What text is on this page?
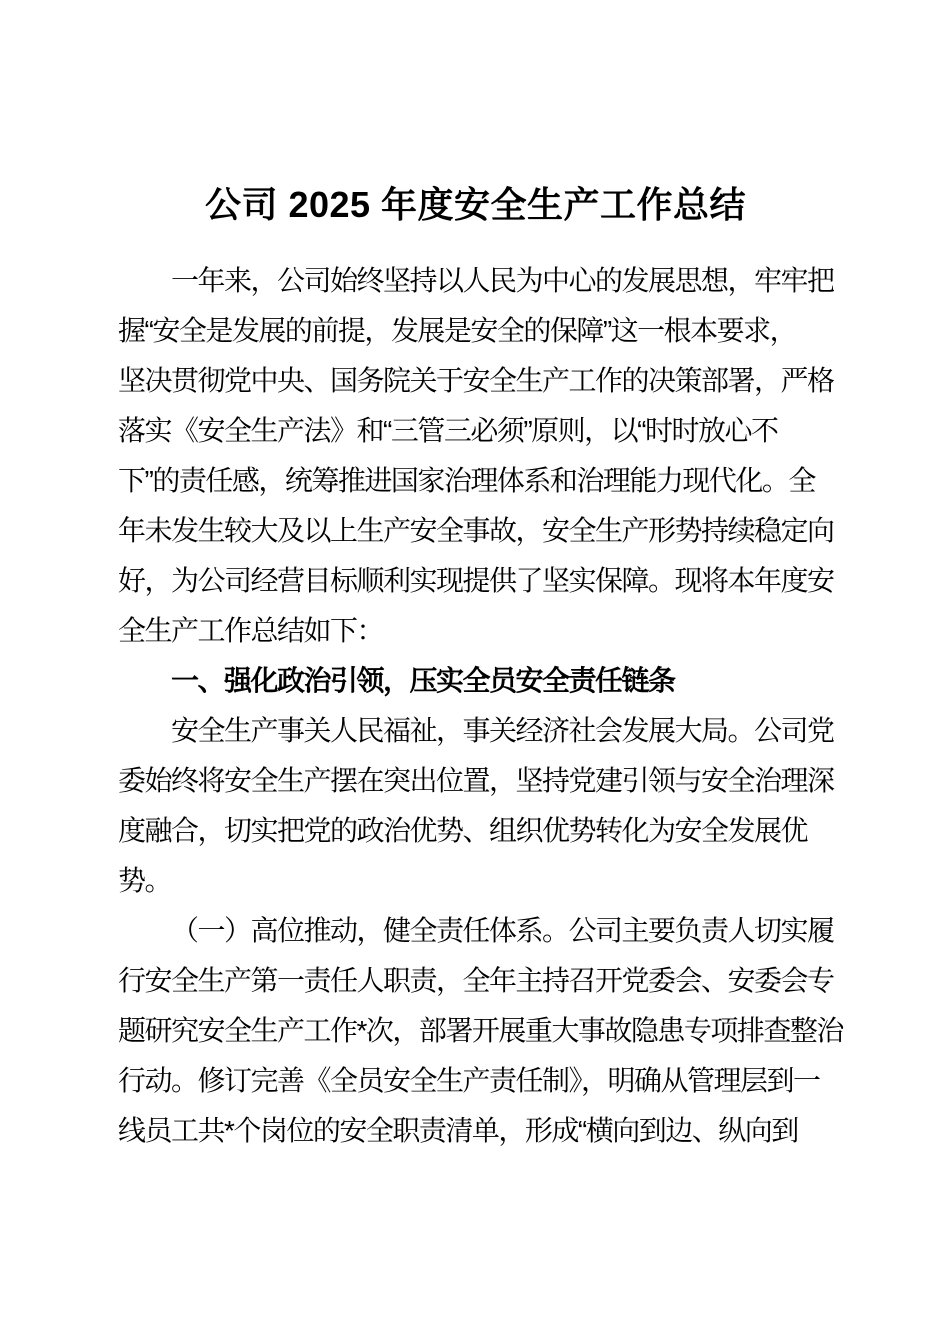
公司 2025 年度安全生产工作总结
一年来，公司始终坚持以人民为中心的发展思想，牢牢把
握“安全是发展的前提，发展是安全的保障”这一根本要求，
坚决贯彻党中央、国务院关于安全生产工作的决策部署，严格
落实《安全生产法》和“三管三必须”原则，以“时时放心不
下”的责任感，统筹推进国家治理体系和治理能力现代化。全
年未发生较大及以上生产安全事故，安全生产形势持续稳定向
好，为公司经营目标顺利实现提供了坚实保障。现将本年度安
全生产工作总结如下：
一、强化政治引领，压实全员安全责任链条
安全生产事关人民福祉，事关经济社会发展大局。公司党
委始终将安全生产摆在突出位置，坚持党建引领与安全治理深
度融合，切实把党的政治优势、组织优势转化为安全发展优
势。
（一）高位推动，健全责任体系。公司主要负责人切实履
行安全生产第一责任人职责，全年主持召开党委会、安委会专
题研究安全生产工作*次，部署开展重大事故隐患专项排查整治
行动。修订完善《全员安全生产责任制》，明确从管理层到一
线员工共*个岗位的安全职责清单，形成“横向到边、纵向到
